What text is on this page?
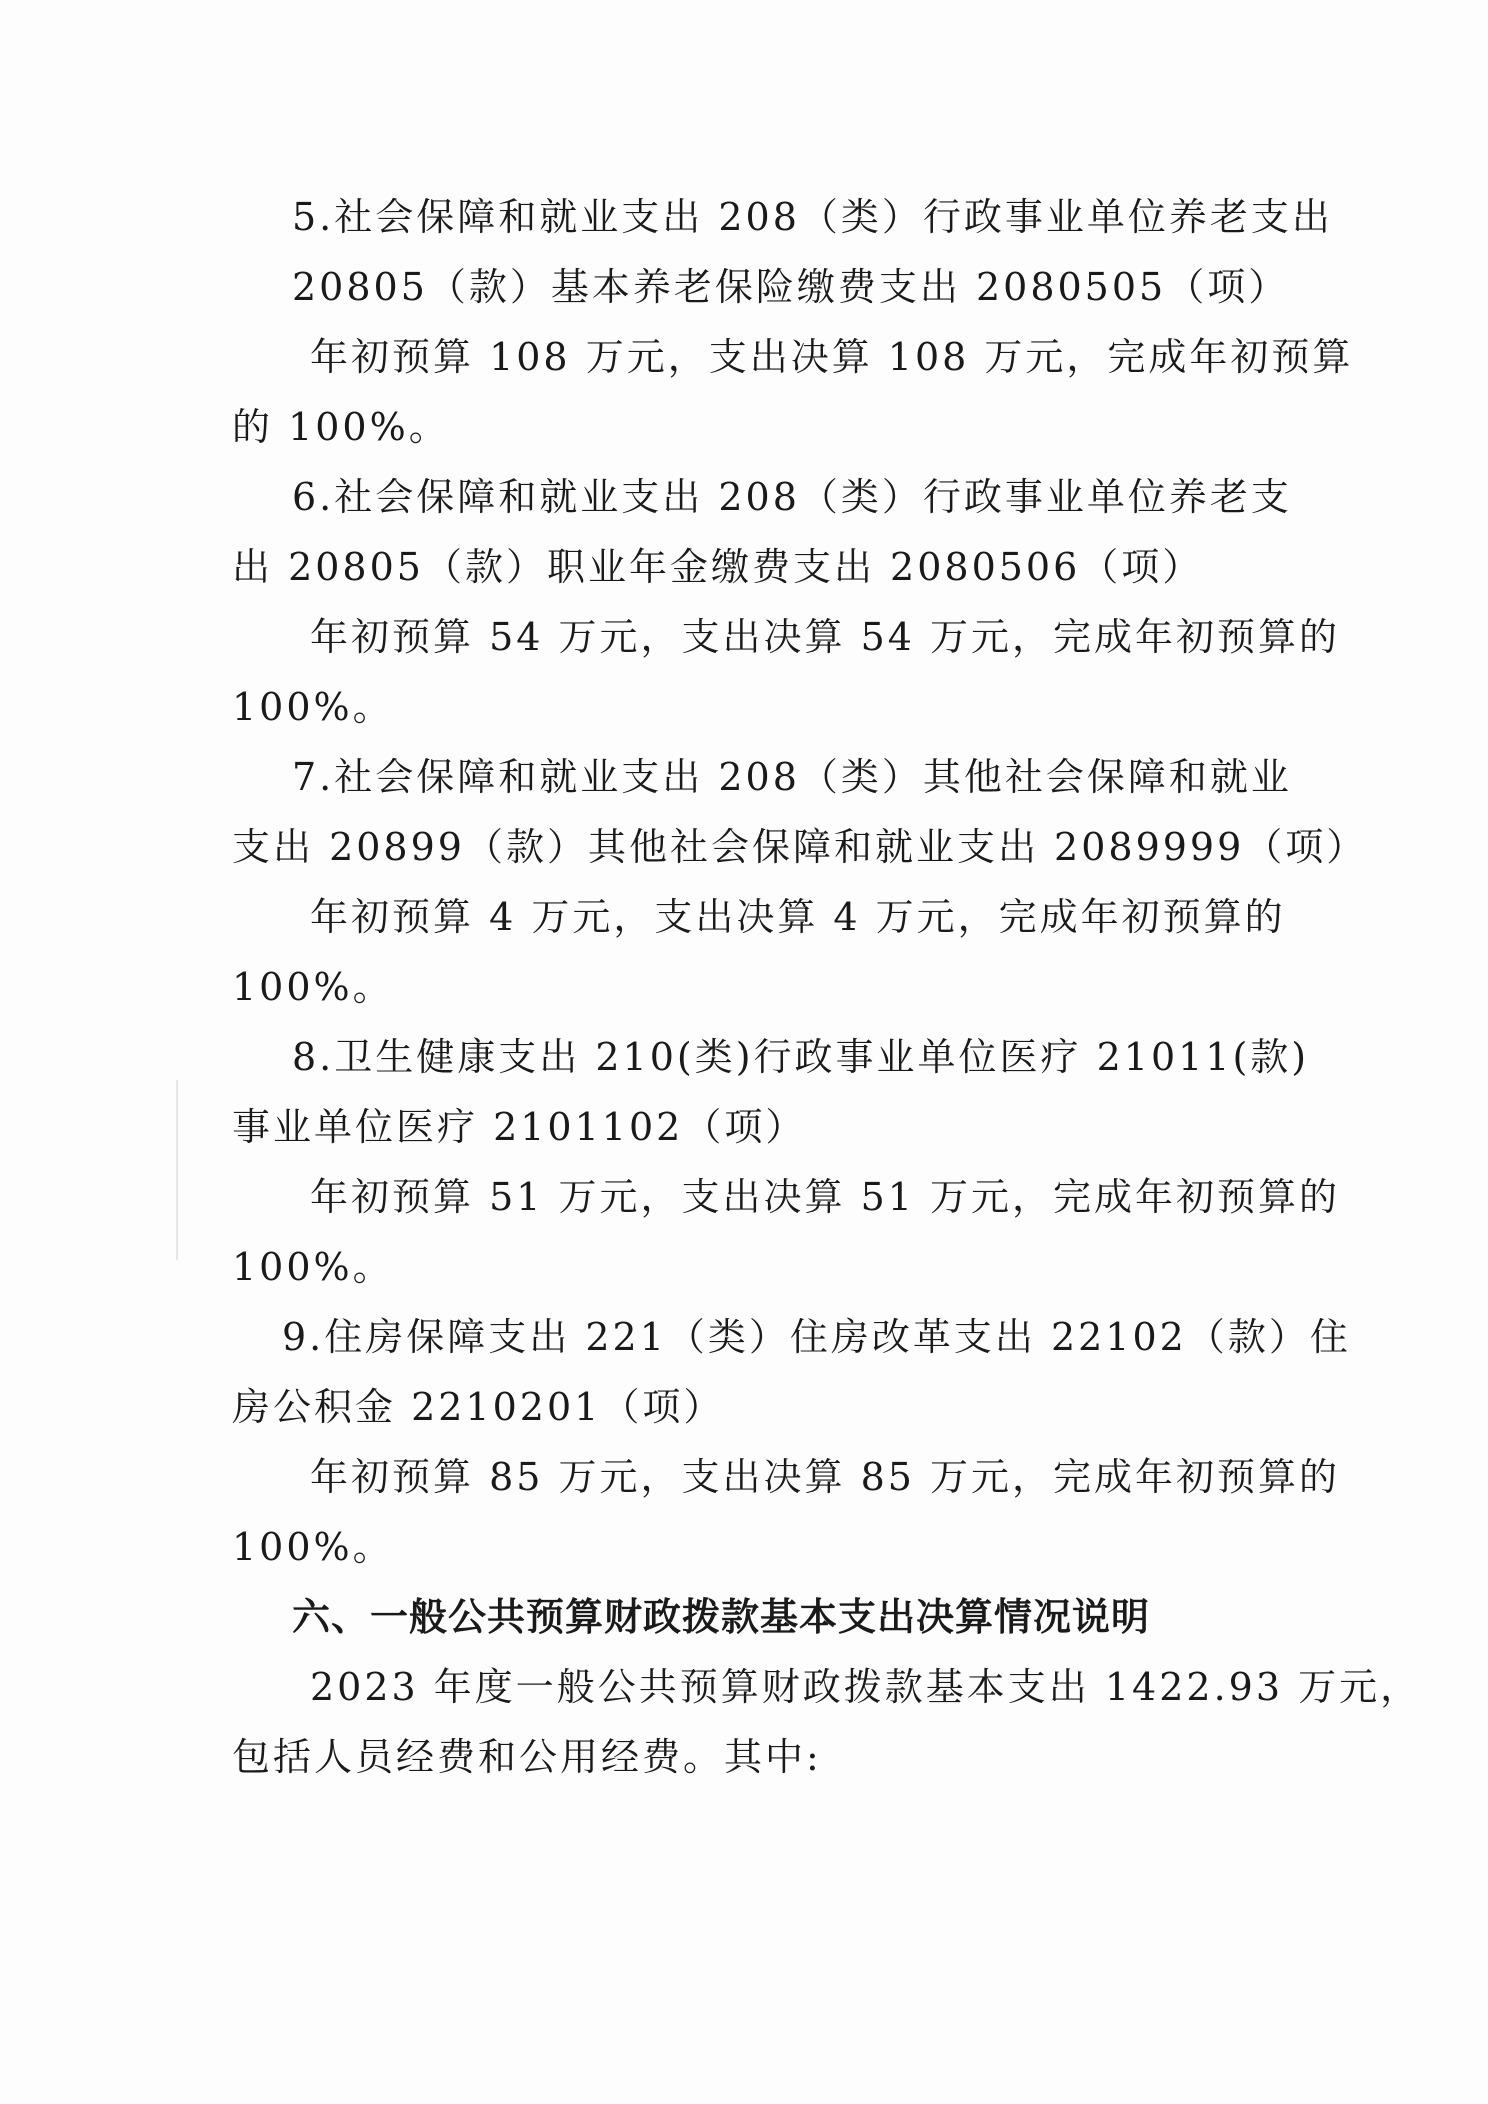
5.社会保障和就业支出 208（类）行政事业单位养老支出
20805（款）基本养老保险缴费支出 2080505（项）
年初预算 108 万元，支出决算 108 万元，完成年初预算
的 100%。
6.社会保障和就业支出 208（类）行政事业单位养老支
出 20805（款）职业年金缴费支出 2080506（项）
年初预算 54 万元，支出决算 54 万元，完成年初预算的
100%。
7.社会保障和就业支出 208（类）其他社会保障和就业
支出 20899（款）其他社会保障和就业支出 2089999（项）
年初预算 4 万元，支出决算 4 万元，完成年初预算的
100%。
8.卫生健康支出 210(类)行政事业单位医疗 21011(款)
事业单位医疗 2101102（项）
年初预算 51 万元，支出决算 51 万元，完成年初预算的
100%。
9.住房保障支出 221（类）住房改革支出 22102（款）住
房公积金 2210201（项）
年初预算 85 万元，支出决算 85 万元，完成年初预算的
100%。
六、一般公共预算财政拨款基本支出决算情况说明
2023 年度一般公共预算财政拨款基本支出 1422.93 万元，
包括人员经费和公用经费。其中:
